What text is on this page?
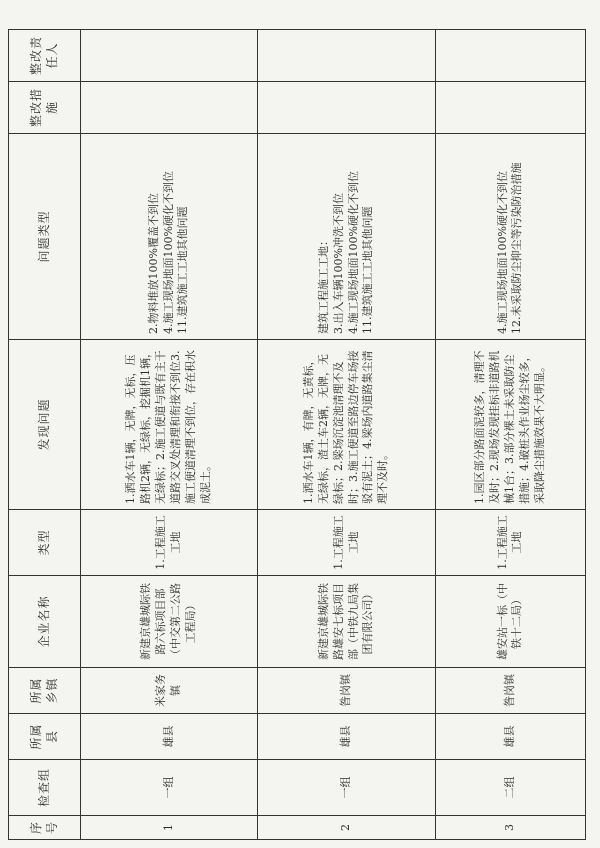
序号	检查组	所属县	所属乡镇	企业名称	类型	发现问题	问题类型	整改措施	整改责任人	
1	一组	雄县	米家务镇	新建京雄城际铁路六标项目部（中交第二公路工程局）	1.工程施工工地	1.洒水车1辆，无牌，无标，压路机2辆，无绿标，挖掘机1辆，无绿标；2.施工便道与既有主干道路交叉处清理和衔接不到位3.施工便道清理不到位，存在积水成泥土。	2.物料堆放100%覆盖不到位
4.施工现场地面100%硬化不到位
11.建筑施工工地其他问题			
2	一组	雄县	昝岗镇	新建京雄城际铁路雄安七标项目部（中铁九局集团有限公司）	1.工程施工工地	1.洒水车1辆，有牌，无黄标，无绿标，渣土车2辆，无牌，无绿标；2.梁场沉淀池清理不及时；3.施工便道至路边停车场接驳有泥土；4.梁场内道路集尘清理不及时。	建筑工程施工工地：
3.出入车辆100%冲洗不到位
4.施工现场地面100%硬化不到位
11.建筑施工工地其他问题			
3	二组	雄县	昝岗镇	雄安站一标（中铁十二局）	1.工程施工工地	1.园区部分路面泥较多，清理不及时；2.现场发现挂标非道路机械1台；3.部分裸土未采取防尘措施；4.破桩头作业扬尘较多，采取降尘措施效果不大明显。	4.施工现场地面100%硬化不到位
12.未采取防尘抑尘等污染防治措施			
